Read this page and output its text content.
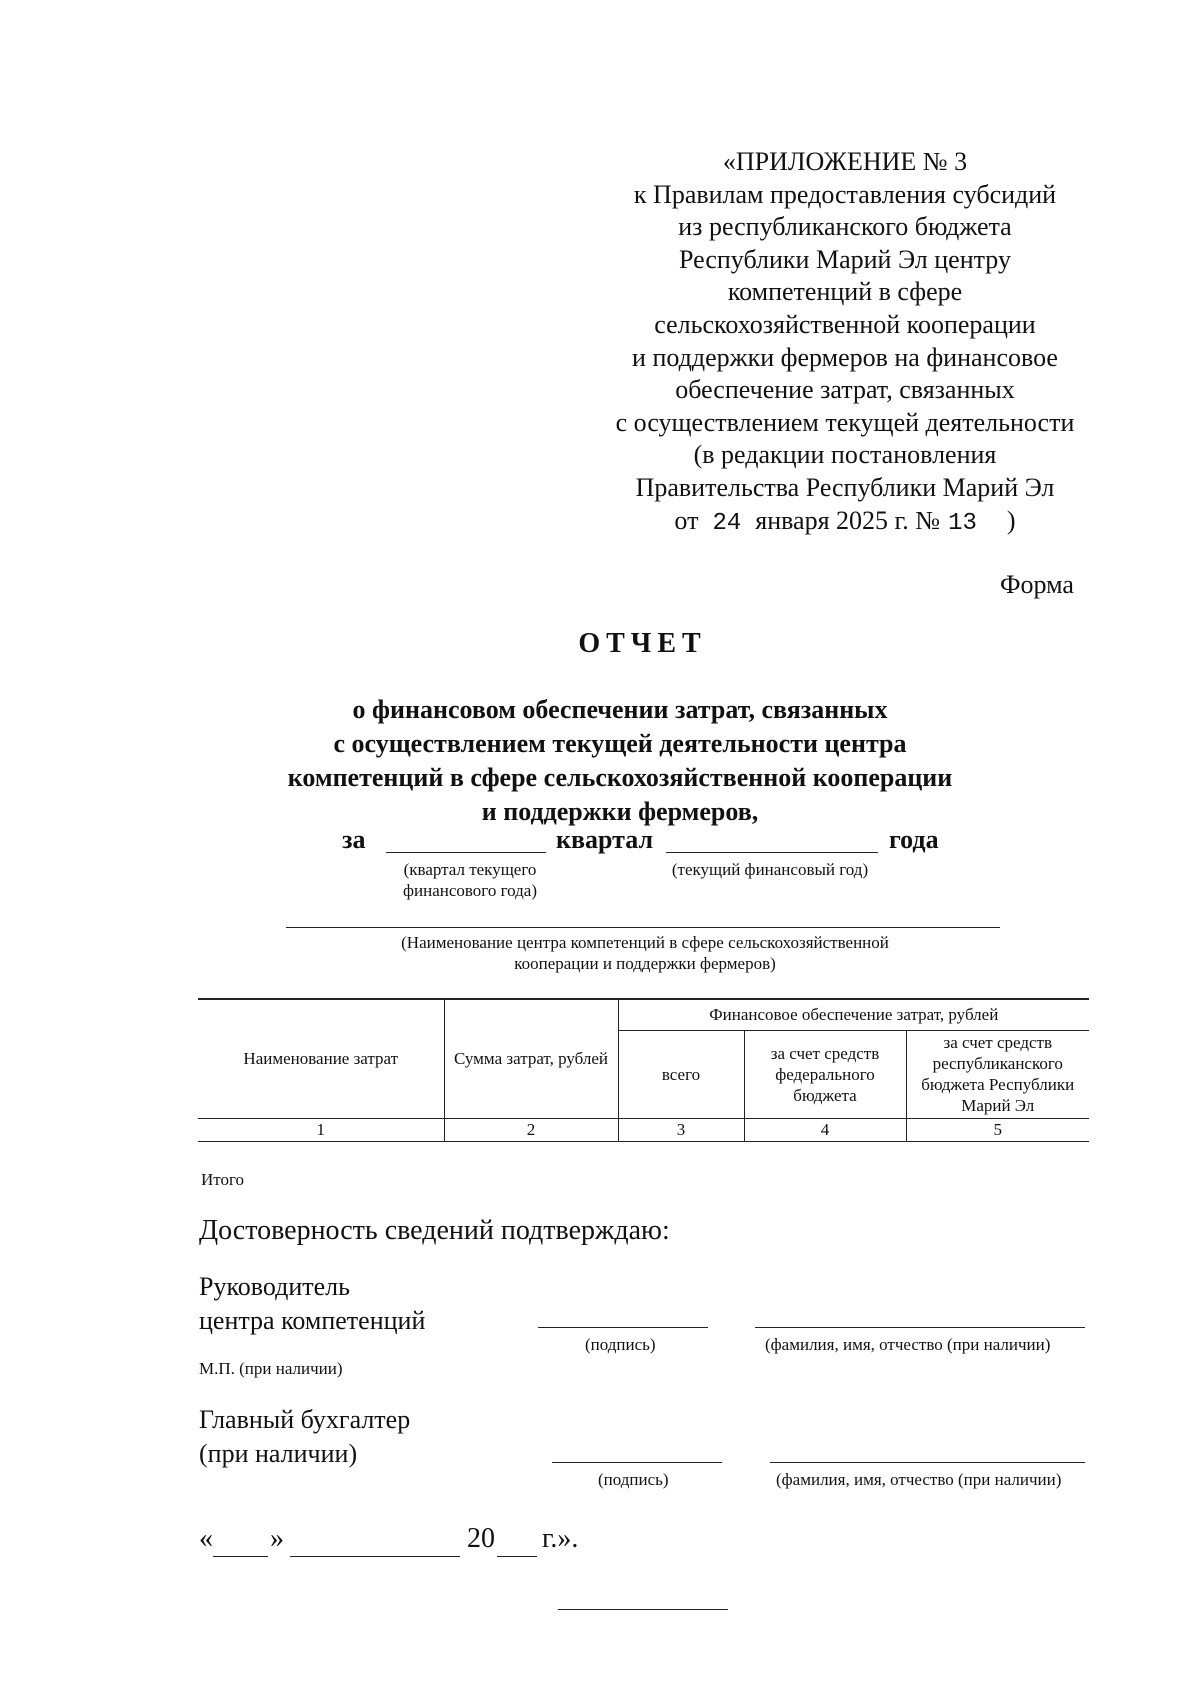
«ПРИЛОЖЕНИЕ № 3
к Правилам предоставления субсидий
из республиканского бюджета
Республики Марий Эл центру
компетенций в сфере
сельскохозяйственной кооперации
и поддержки фермеров на финансовое
обеспечение затрат, связанных
с осуществлением текущей деятельности
(в редакции постановления
Правительства Республики Марий Эл
от 24 января 2025 г. № 13 )
Форма
ОТЧЕТ
о финансовом обеспечении затрат, связанных
с осуществлением текущей деятельности центра
компетенций в сфере сельскохозяйственной кооперации
и поддержки фермеров,
за	квартал	года
(квартал текущего
финансового года)
(текущий финансовый год)
(Наименование центра компетенций в сфере сельскохозяйственной
кооперации и поддержки фермеров)
Наименование затрат	Сумма затрат, рублей	Финансовое обеспечение затрат, рублей		
		всего	за счет средств федерального бюджета	за счет средств республиканского бюджета Республики Марий Эл
1	2	3	4	5
Итого
Достоверность сведений подтверждаю:
Руководитель
центра компетенций
(подпись)	(фамилия, имя, отчество (при наличии)
М.П. (при наличии)
Главный бухгалтер
(при наличии)
(подпись)	(фамилия, имя, отчество (при наличии)
« »	20 г.».
